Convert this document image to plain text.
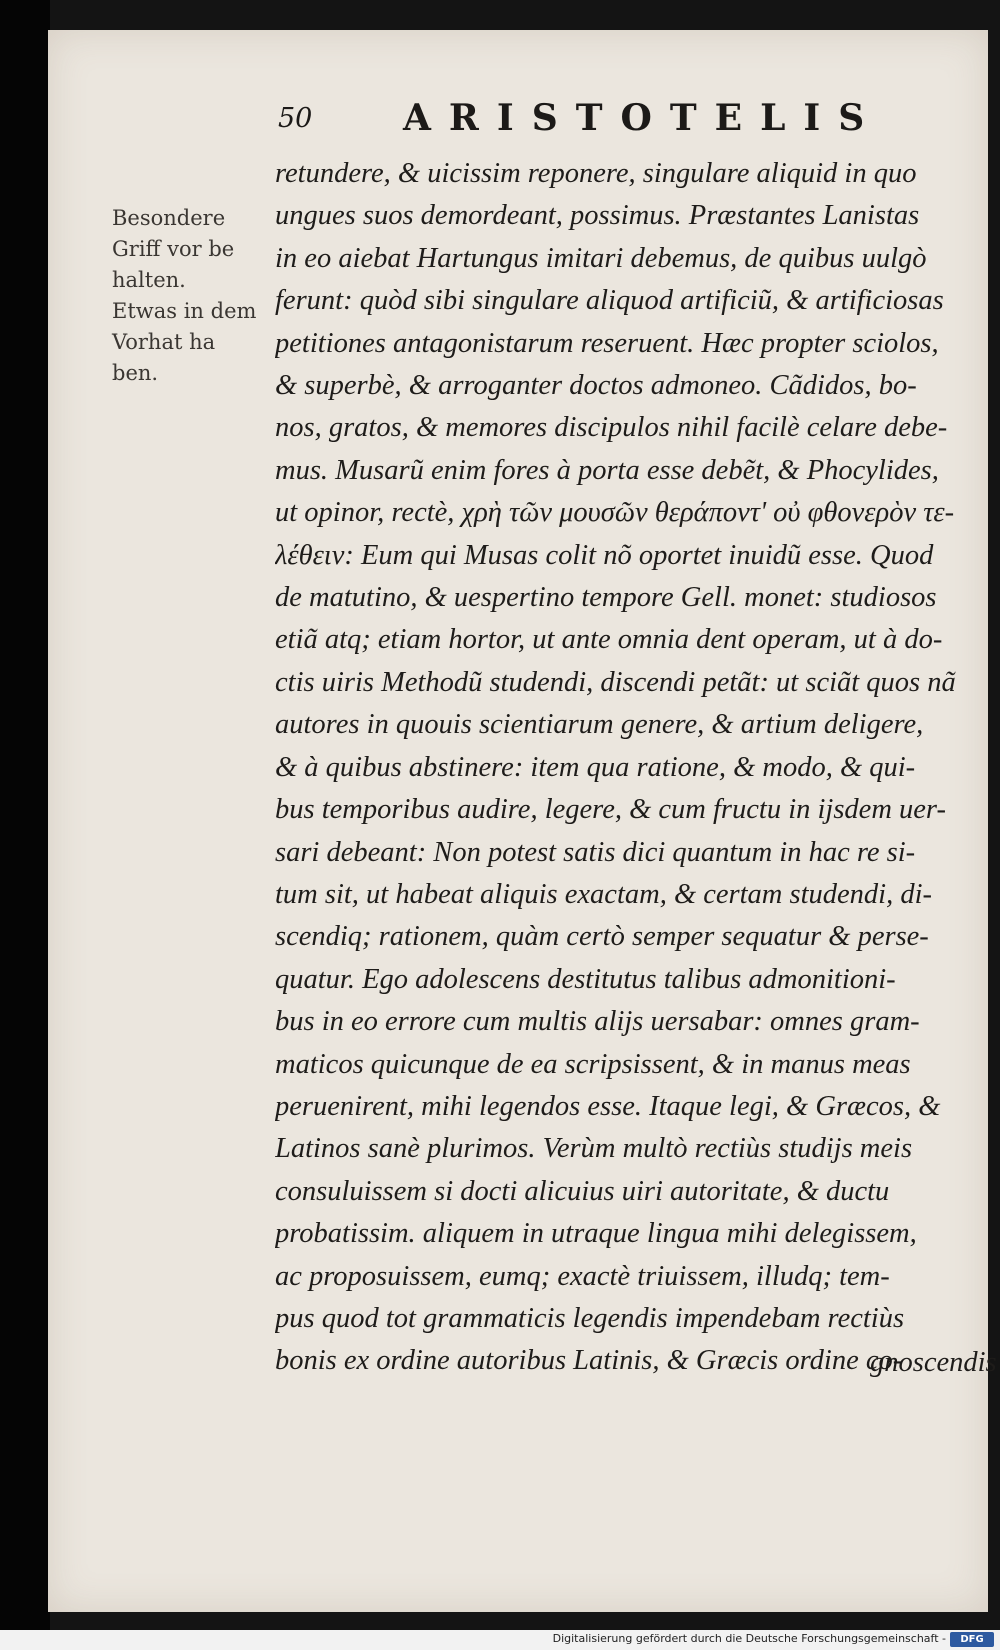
50	ARISTOTELIS
Besondere
Griff vor be
halten.
Etwas in dem
Vorhat ha
ben.
retundere, & uicissim reponere, singulare aliquid in quo
ungues suos demordeant, possimus. Præstantes Lanistas
in eo aiebat Hartungus imitari debemus, de quibus uulgò
ferunt: quòd sibi singulare aliquod artificiũ, & artificiosas
petitiones antagonistarum reseruent. Hæc propter sciolos,
& superbè, & arroganter doctos admoneo. Cãdidos, bo-
nos, gratos, & memores discipulos nihil facilè celare debe-
mus. Musarũ enim fores à porta esse debẽt, & Phocylides,
ut opinor, rectè, χρὴ τῶν μουσῶν θεράποντ' οὐ φθονερὸν τε-
λέθειν: Eum qui Musas colit nõ oportet inuidũ esse. Quod
de matutino, & uespertino tempore Gell. monet: studiosos
etiã atq; etiam hortor, ut ante omnia dent operam, ut à do-
ctis uiris Methodũ studendi, discendi petãt: ut sciãt quos nã
autores in quouis scientiarum genere, & artium deligere,
& à quibus abstinere: item qua ratione, & modo, & qui-
bus temporibus audire, legere, & cum fructu in ijsdem uer-
sari debeant: Non potest satis dici quantum in hac re si-
tum sit, ut habeat aliquis exactam, & certam studendi, di-
scendiq; rationem, quàm certò semper sequatur & perse-
quatur. Ego adolescens destitutus talibus admonitioni-
bus in eo errore cum multis alijs uersabar: omnes gram-
maticos quicunque de ea scripsissent, & in manus meas
peruenirent, mihi legendos esse. Itaque legi, & Græcos, &
Latinos sanè plurimos. Verùm multò rectiùs studijs meis
consuluissem si docti alicuius uiri autoritate, & ductu
probatissim. aliquem in utraque lingua mihi delegissem,
ac proposuissem, eumq; exactè triuissem, illudq; tem-
pus quod tot grammaticis legendis impendebam rectiùs
bonis ex ordine autoribus Latinis, & Græcis ordine co-
gnoscendis
Digitalisierung gefördert durch die Deutsche Forschungsgemeinschaft -	DFG
